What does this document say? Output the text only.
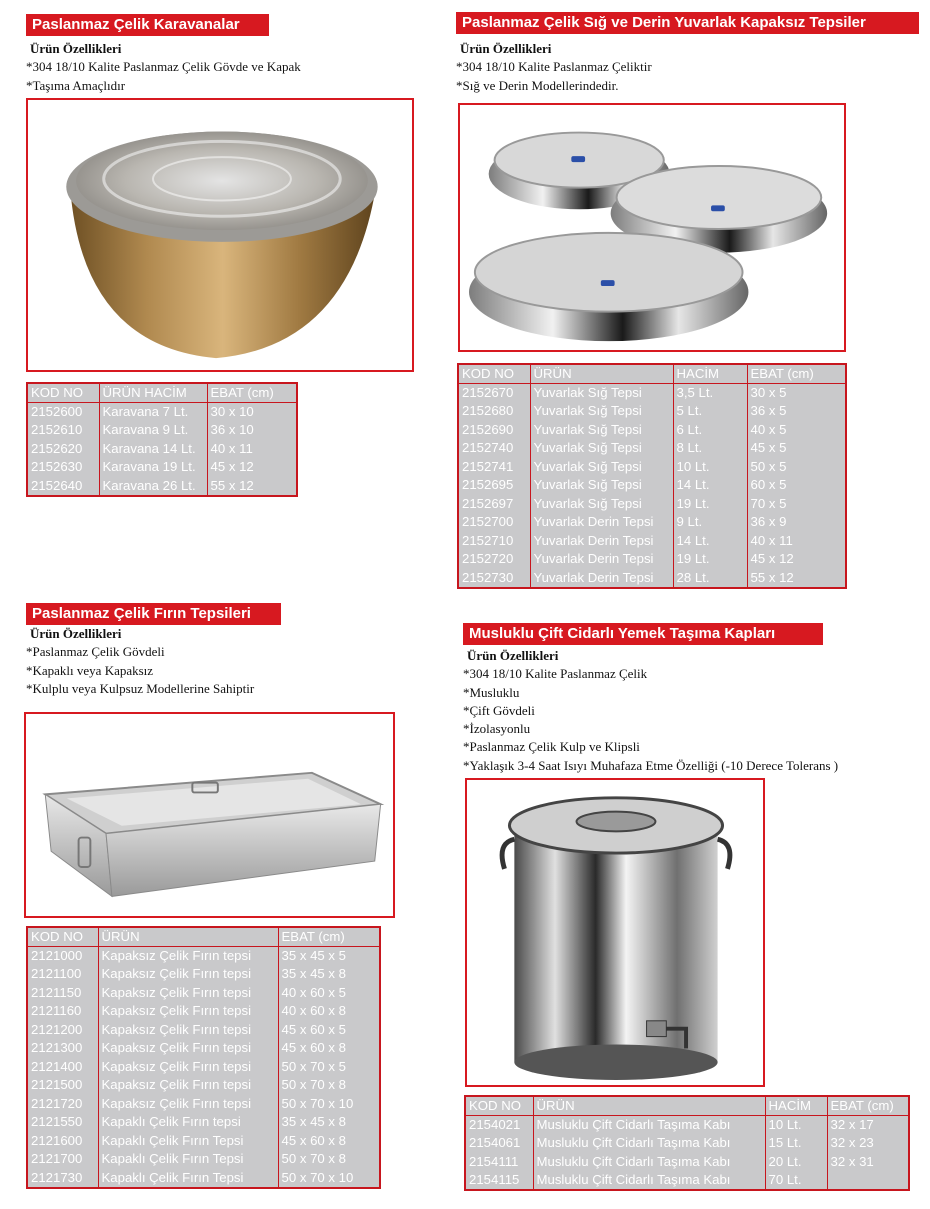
Paslanmaz Çelik Karavanalar
Ürün Özellikleri
*304 18/10 Kalite Paslanmaz Çelik Gövde ve Kapak
*Taşıma Amaçlıdır
KOD NO	ÜRÜN HACİM	EBAT (cm)
2152600	Karavana 7 Lt.	30 x 10
2152610	Karavana 9 Lt.	36 x 10
2152620	Karavana 14 Lt.	40 x 11
2152630	Karavana 19 Lt.	45 x 12
2152640	Karavana 26 Lt.	55 x 12
Paslanmaz Çelik Sığ ve Derin Yuvarlak Kapaksız Tepsiler
Ürün Özellikleri
*304 18/10 Kalite Paslanmaz Çeliktir
*Sığ ve Derin Modellerindedir.
KOD NO	ÜRÜN	HACİM	EBAT (cm)
2152670	Yuvarlak Sığ Tepsi	3,5 Lt.	30 x 5
2152680	Yuvarlak Sığ Tepsi	5 Lt.	36 x 5
2152690	Yuvarlak Sığ Tepsi	6 Lt.	40 x 5
2152740	Yuvarlak Sığ Tepsi	8 Lt.	45 x 5
2152741	Yuvarlak Sığ Tepsi	10 Lt.	50 x 5
2152695	Yuvarlak Sığ Tepsi	14 Lt.	60 x 5
2152697	Yuvarlak Sığ Tepsi	19 Lt.	70 x 5
2152700	Yuvarlak Derin Tepsi	9 Lt.	36 x 9
2152710	Yuvarlak Derin Tepsi	14 Lt.	40 x 11
2152720	Yuvarlak Derin Tepsi	19 Lt.	45 x 12
2152730	Yuvarlak Derin Tepsi	28 Lt.	55 x 12
Paslanmaz Çelik Fırın Tepsileri
Ürün Özellikleri
*Paslanmaz Çelik Gövdeli
*Kapaklı veya Kapaksız
*Kulplu veya Kulpsuz Modellerine Sahiptir
KOD NO	ÜRÜN	EBAT (cm)
2121000	Kapaksız Çelik Fırın tepsi	35 x 45 x 5
2121100	Kapaksız Çelik Fırın tepsi	35 x 45 x 8
2121150	Kapaksız Çelik Fırın tepsi	40 x 60 x 5
2121160	Kapaksız Çelik Fırın tepsi	40 x 60 x 8
2121200	Kapaksız Çelik Fırın tepsi	45 x 60 x 5
2121300	Kapaksız Çelik Fırın tepsi	45 x 60 x 8
2121400	Kapaksız Çelik Fırın tepsi	50 x 70 x 5
2121500	Kapaksız Çelik Fırın tepsi	50 x 70 x 8
2121720	Kapaksız Çelik Fırın tepsi	50 x 70 x 10
2121550	Kapaklı Çelik Fırın tepsi	35 x 45 x 8
2121600	Kapaklı Çelik Fırın Tepsi	45 x 60 x 8
2121700	Kapaklı Çelik Fırın Tepsi	50 x 70 x 8
2121730	Kapaklı Çelik Fırın Tepsi	50 x 70 x 10
Musluklu Çift Cidarlı Yemek Taşıma Kapları
Ürün Özellikleri
*304 18/10 Kalite Paslanmaz Çelik
*Musluklu
*Çift Gövdeli
*İzolasyonlu
*Paslanmaz Çelik Kulp ve Klipsli
*Yaklaşık 3-4 Saat Isıyı Muhafaza Etme Özelliği (-10 Derece Tolerans )
KOD NO	ÜRÜN	HACİM	EBAT (cm)
2154021	Musluklu Çift Cidarlı Taşıma Kabı	10 Lt.	32 x 17
2154061	Musluklu Çift Cidarlı Taşıma Kabı	15 Lt.	32 x 23
2154111	Musluklu Çift Cidarlı Taşıma Kabı	20 Lt.	32 x 31
2154115	Musluklu Çift Cidarlı Taşıma Kabı	70 Lt.	
